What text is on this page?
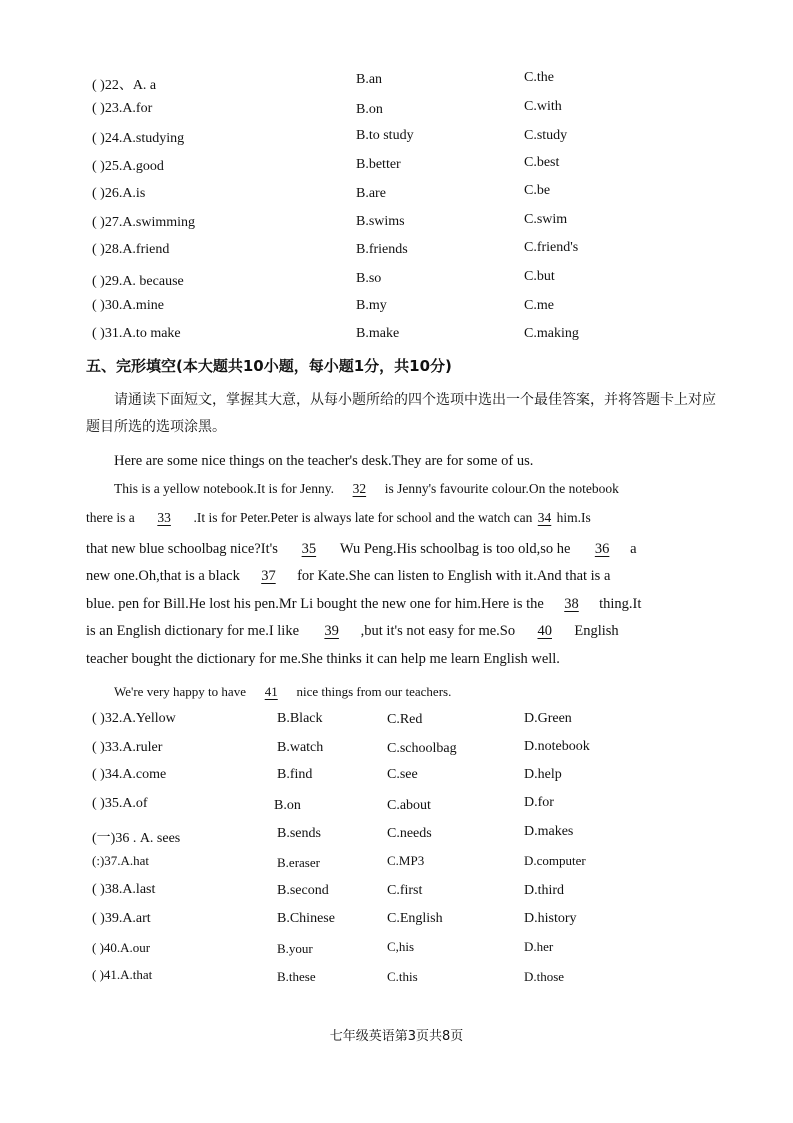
( )22、A. a	B.an	C.the
( )23.A.for	B.on	C.with
( )24.A.studying	B.to study	C.study
( )25.A.good	B.better	C.best
( )26.A.is	B.are	C.be
( )27.A.swimming	B.swims	C.swim
( )28.A.friend	B.friends	C.friend's
( )29.A. because	B.so	C.but
( )30.A.mine	B.my	C.me
( )31.A.to make	B.make	C.making
五、完形填空(本大题共10小题，每小题1分，共10分)
请通读下面短文，掌握其大意，从每小题所给的四个选项中选出一个最佳答案，并将答题卡上对应题目所选的选项涂黑。
Here are some nice things on the teacher's desk.They are for some of us.
This is a yellow notebook.It is for Jenny. 32 is Jenny's favourite colour.On the notebook
there is a 33 .It is for Peter.Peter is always late for school and the watch can 34 him.Is
that new blue schoolbag nice?It's 35 Wu Peng.His schoolbag is too old,so he 36 a
new one.Oh,that is a black 37 for Kate.She can listen to English with it.And that is a
blue. pen for Bill.He lost his pen.Mr Li bought the new one for him.Here is the 38 thing.It
is an English dictionary for me.I like 39 ,but it's not easy for me.So 40 English
teacher bought the dictionary for me.She thinks it can help me learn English well.
We're very happy to have 41 nice things from our teachers.
( )32.A.Yellow	B.Black	C.Red	D.Green
( )33.A.ruler	B.watch	C.schoolbag	D.notebook
( )34.A.come	B.find	C.see	D.help
( )35.A.of	B.on	C.about	D.for
(一)36 . A. sees	B.sends	C.needs	D.makes
(:)37.A.hat	B.eraser	C.MP3	D.computer
( )38.A.last	B.second	C.first	D.third
( )39.A.art	B.Chinese	C.English	D.history
( )40.A.our	B.your	C,his	D.her
( )41.A.that	B.these	C.this	D.those
七年级英语第3页共8页
